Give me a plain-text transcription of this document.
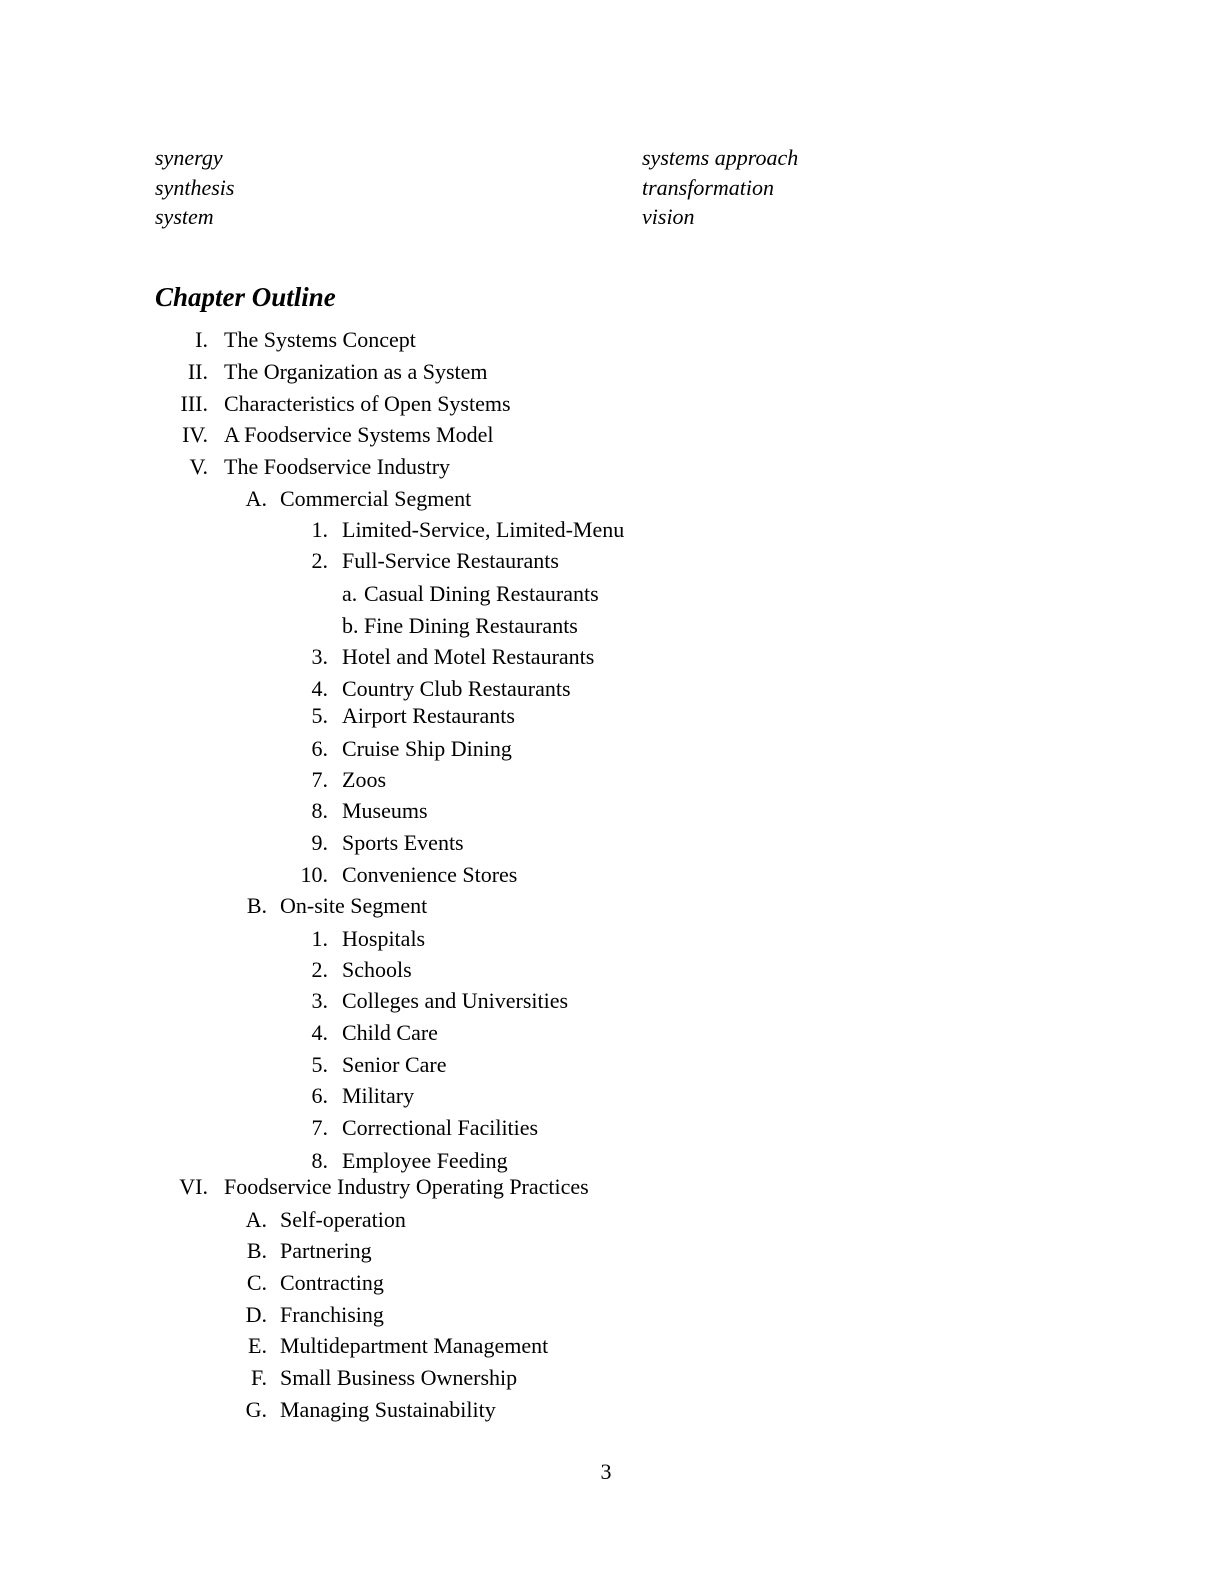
synergy
synthesis
system
systems approach
transformation
vision
Chapter Outline
I. The Systems Concept
II. The Organization as a System
III. Characteristics of Open Systems
IV. A Foodservice Systems Model
V. The Foodservice Industry
A. Commercial Segment
1. Limited-Service, Limited-Menu
2. Full-Service Restaurants
a. Casual Dining Restaurants
b. Fine Dining Restaurants
3. Hotel and Motel Restaurants
4. Country Club Restaurants
5. Airport Restaurants
6. Cruise Ship Dining
7. Zoos
8. Museums
9. Sports Events
10. Convenience Stores
B. On-site Segment
1. Hospitals
2. Schools
3. Colleges and Universities
4. Child Care
5. Senior Care
6. Military
7. Correctional Facilities
8. Employee Feeding
VI. Foodservice Industry Operating Practices
A. Self-operation
B. Partnering
C. Contracting
D. Franchising
E. Multidepartment Management
F. Small Business Ownership
G. Managing Sustainability
3
